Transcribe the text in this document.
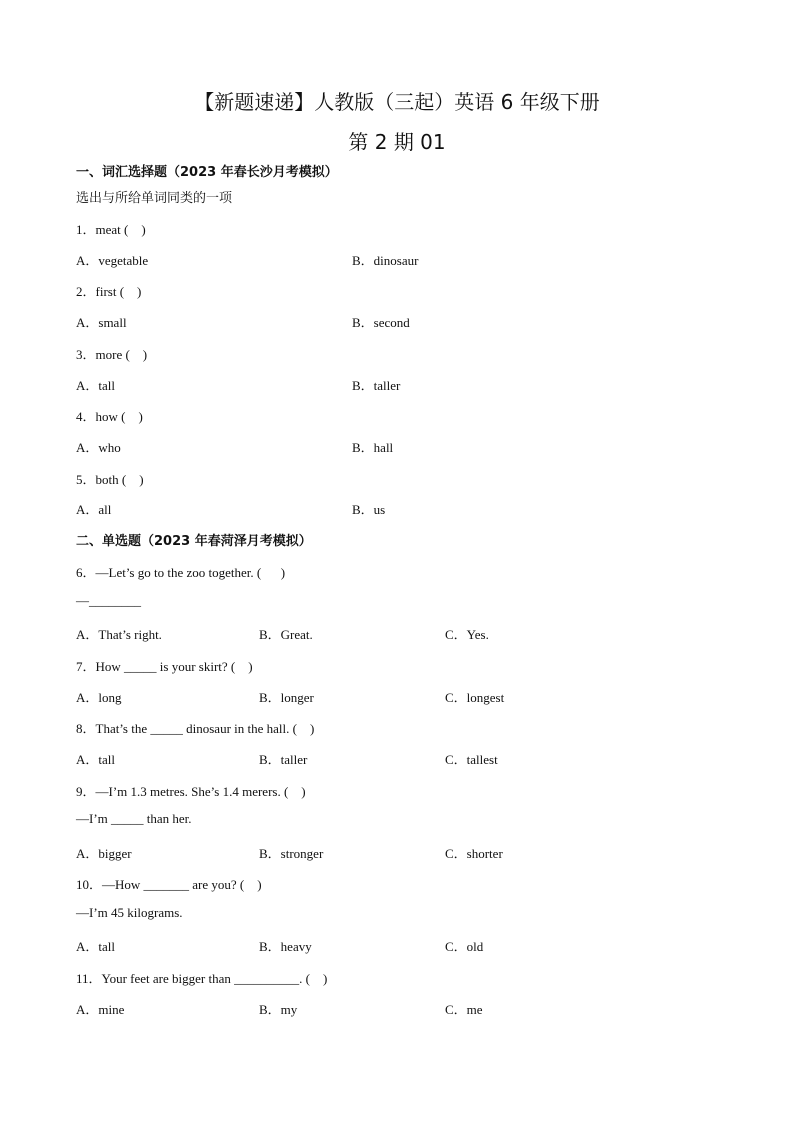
【新题速递】人教版（三起）英语 6 年级下册
第 2 期 01
一、词汇选择题（2023 年春长沙月考模拟）
选出与所给单词同类的一项
1．meat (    )
A．vegetable	B．dinosaur
2．first (    )
A．small	B．second
3．more (    )
A．tall	B．taller
4．how (    )
A．who	B．hall
5．both (    )
A．all	B．us
二、单选题（2023 年春菏泽月考模拟）
6．—Let’s go to the zoo together. (      )
—________
A．That’s right.	B．Great.	C．Yes.
7．How _____ is your skirt? (    )
A．long	B．longer	C．longest
8．That’s the _____ dinosaur in the hall. (    )
A．tall	B．taller	C．tallest
9．—I’m 1.3 metres. She’s 1.4 merers. (    )
—I’m _____ than her.
A．bigger	B．stronger	C．shorter
10．—How _______ are you? (    )
—I’m 45 kilograms.
A．tall	B．heavy	C．old
11．Your feet are bigger than __________. (    )
A．mine	B．my	C．me
